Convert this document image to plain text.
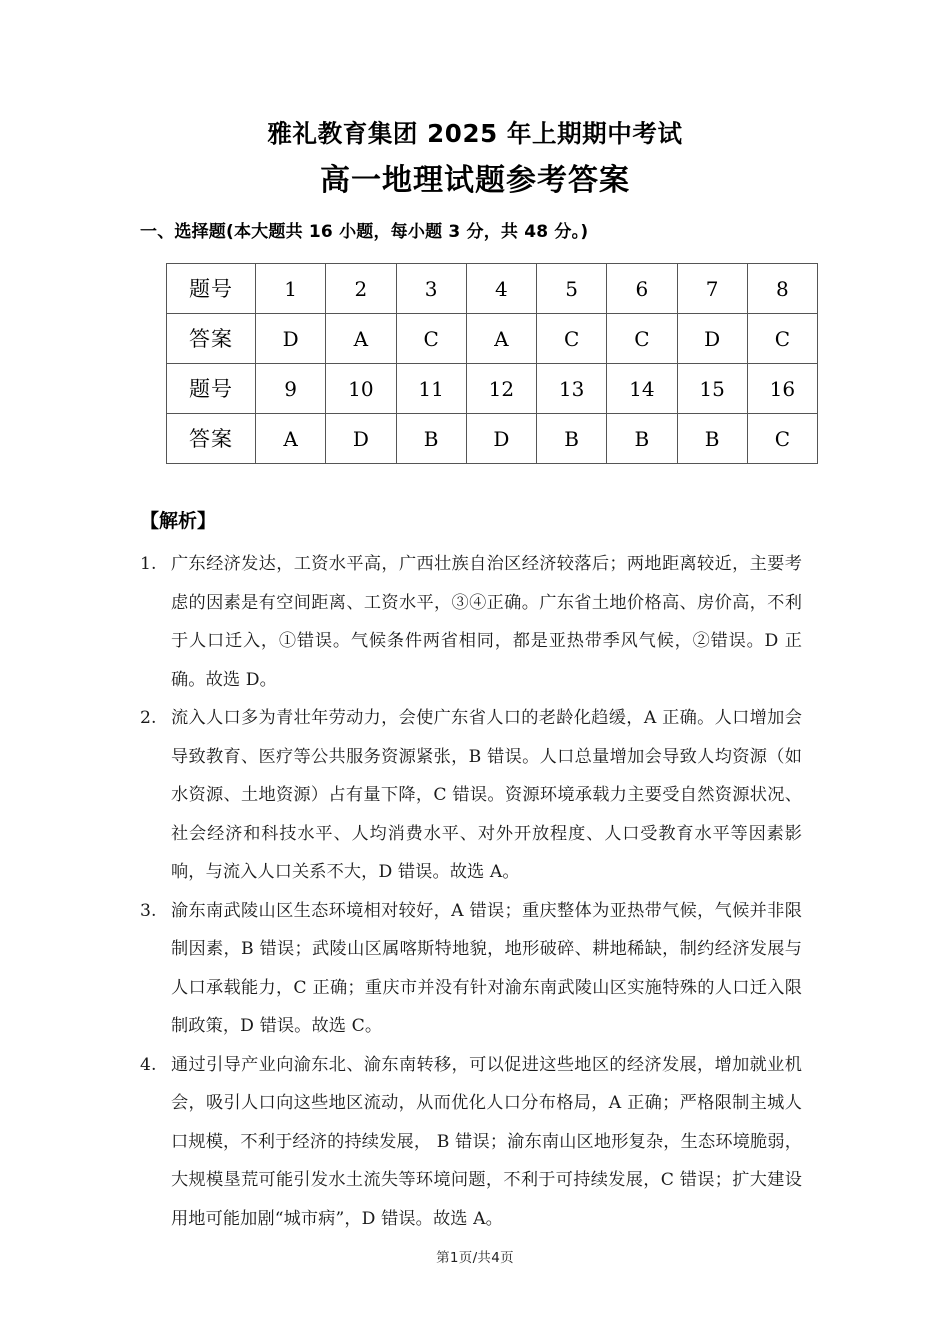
雅礼教育集团 2025 年上期期中考试
高一地理试题参考答案
一、选择题(本大题共 16 小题，每小题 3 分，共 48 分。)
题号	1	2	3	4	5	6	7	8
答案	D	A	C	A	C	C	D	C
题号	9	10	11	12	13	14	15	16
答案	A	D	B	D	B	B	B	C
【解析】
1. 广东经济发达，工资水平高，广西壮族自治区经济较落后；两地距离较近，主要考虑的因素是有空间距离、工资水平，③④正确。广东省土地价格高、房价高，不利于人口迁入，①错误。气候条件两省相同，都是亚热带季风气候，②错误。D 正确。故选 D。
2. 流入人口多为青壮年劳动力，会使广东省人口的老龄化趋缓，A 正确。人口增加会导致教育、医疗等公共服务资源紧张，B 错误。人口总量增加会导致人均资源（如水资源、土地资源）占有量下降，C 错误。资源环境承载力主要受自然资源状况、社会经济和科技水平、人均消费水平、对外开放程度、人口受教育水平等因素影响，与流入人口关系不大，D 错误。故选 A。
3. 渝东南武陵山区生态环境相对较好，A 错误；重庆整体为亚热带气候，气候并非限制因素，B 错误；武陵山区属喀斯特地貌，地形破碎、耕地稀缺，制约经济发展与人口承载能力，C 正确；重庆市并没有针对渝东南武陵山区实施特殊的人口迁入限制政策，D 错误。故选 C。
4. 通过引导产业向渝东北、渝东南转移，可以促进这些地区的经济发展，增加就业机会，吸引人口向这些地区流动，从而优化人口分布格局，A 正确；严格限制主城人口规模，不利于经济的持续发展， B 错误；渝东南山区地形复杂，生态环境脆弱，大规模垦荒可能引发水土流失等环境问题，不利于可持续发展，C 错误；扩大建设用地可能加剧“城市病”，D 错误。故选 A。
第1页/共4页
